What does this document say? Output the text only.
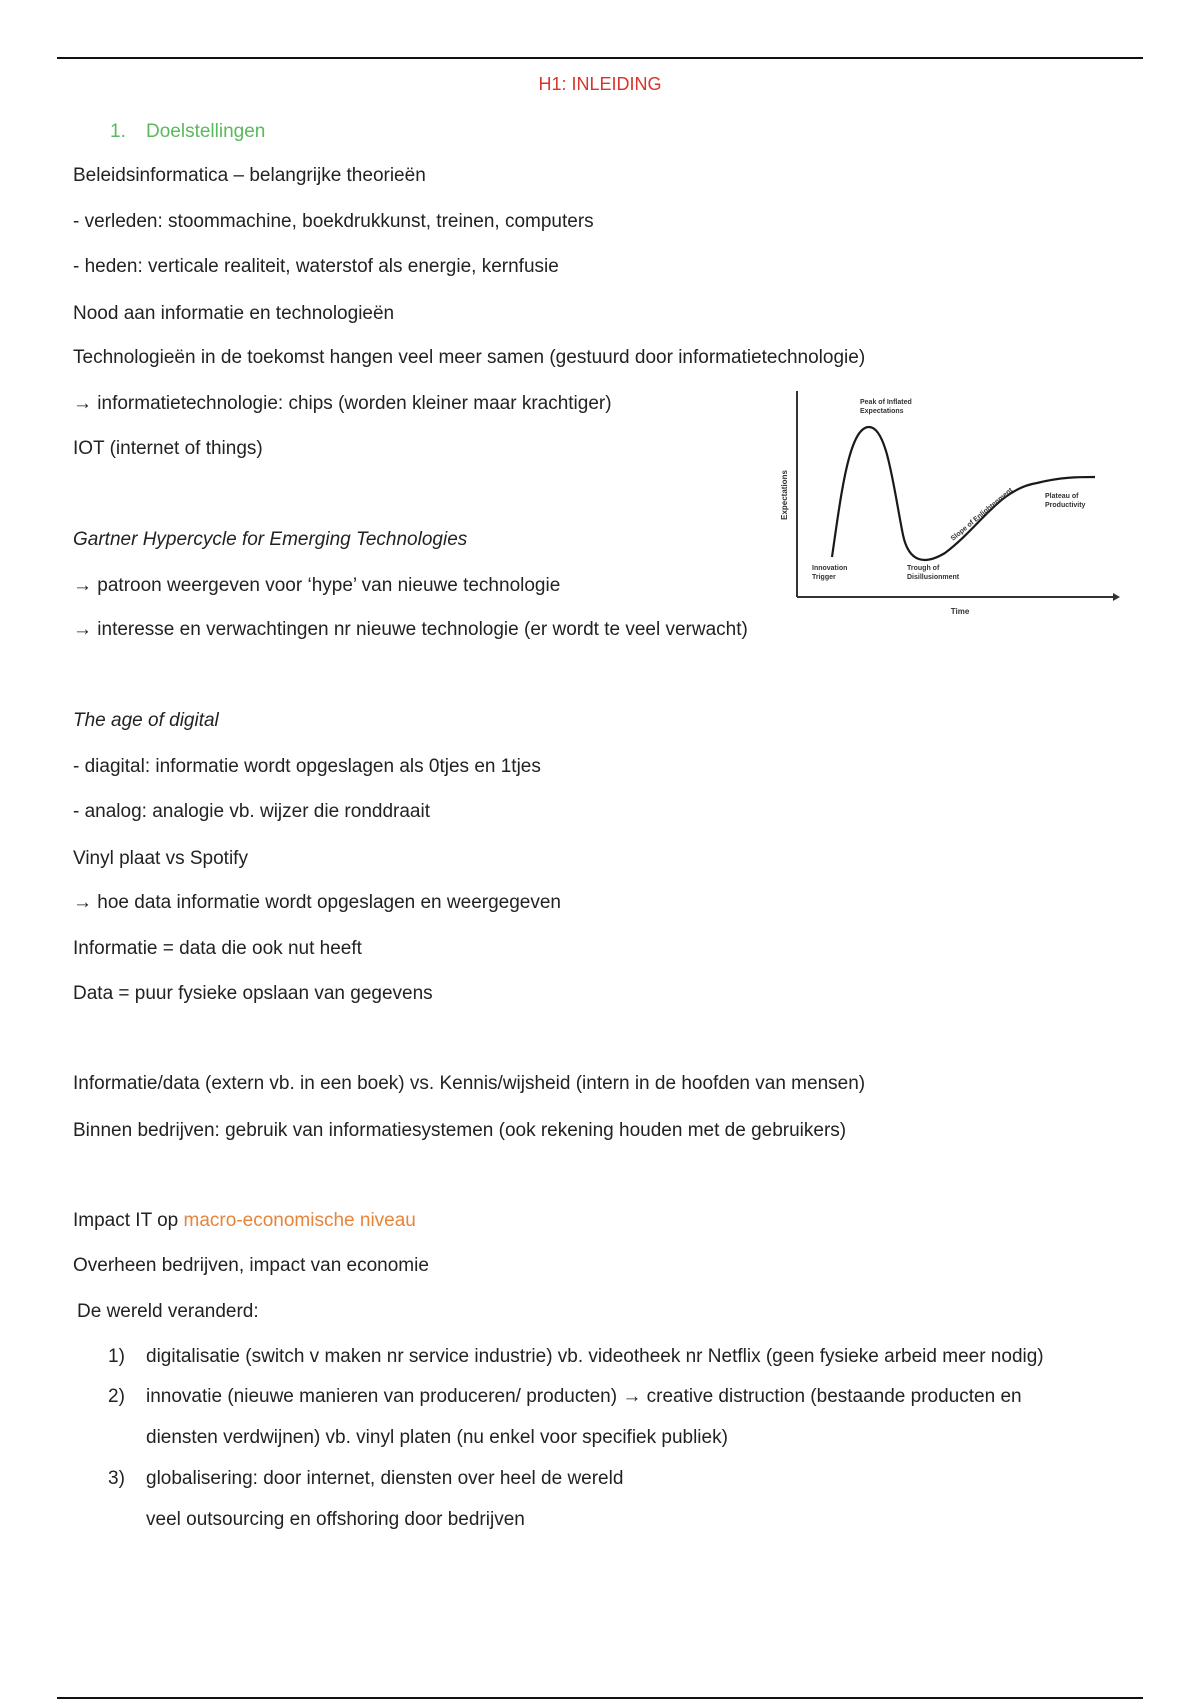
H1: INLEIDING
1. Doelstellingen
Beleidsinformatica – belangrijke theorieën
- verleden: stoommachine, boekdrukkunst, treinen, computers
- heden: verticale realiteit, waterstof als energie, kernfusie
Nood aan informatie en technologieën
Technologieën in de toekomst hangen veel meer samen (gestuurd door informatietechnologie)
→ informatietechnologie: chips (worden kleiner maar krachtiger)
IOT (internet of things)
Gartner Hypercycle for Emerging Technologies
→ patroon weergeven voor ‘hype’ van nieuwe technologie
→ interesse en verwachtingen nr nieuwe technologie (er wordt te veel verwacht)
The age of digital
- diagital: informatie wordt opgeslagen als 0tjes en 1tjes
- analog: analogie vb. wijzer die ronddraait
Vinyl plaat vs Spotify
→ hoe data informatie wordt opgeslagen en weergegeven
Informatie = data die ook nut heeft
Data = puur fysieke opslaan van gegevens
Informatie/data (extern vb. in een boek) vs. Kennis/wijsheid (intern in de hoofden van mensen)
Binnen bedrijven: gebruik van informatiesystemen (ook rekening houden met de gebruikers)
Impact IT op macro-economische niveau
Overheen bedrijven, impact van economie
De wereld veranderd:
1) digitalisatie (switch v maken nr service industrie) vb. videotheek nr Netflix (geen fysieke arbeid meer nodig)
2) innovatie (nieuwe manieren van produceren/ producten) → creative distruction (bestaande producten en
diensten verdwijnen) vb. vinyl platen (nu enkel voor specifiek publiek)
3) globalisering: door internet, diensten over heel de wereld
veel outsourcing en offshoring door bedrijven
Expectations
Time
Peak of Inflated
Expectations
Innovation
Trigger
Trough of
Disillusionment
Slope of Enlightenment	Plateau of
Productivity
